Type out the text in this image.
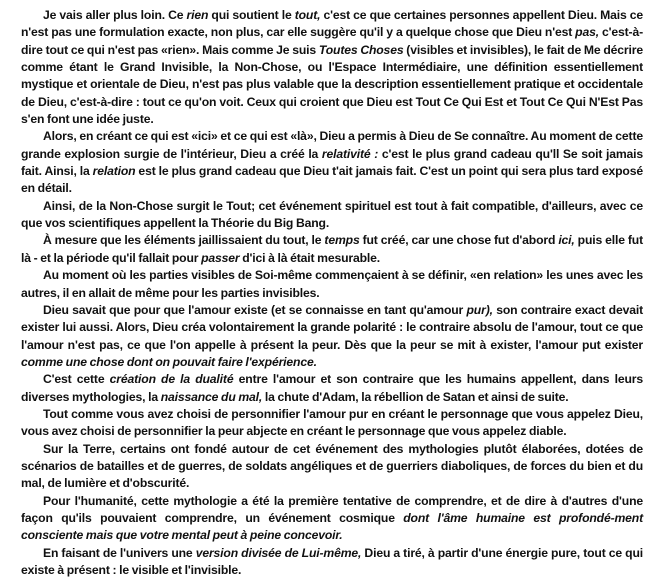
Je vais aller plus loin. Ce rien qui soutient le tout, c'est ce que certaines personnes appellent Dieu. Mais ce n'est pas une formulation exacte, non plus, car elle suggère qu'il y a quelque chose que Dieu n'est pas, c'est-à-dire tout ce qui n'est pas «rien». Mais comme Je suis Toutes Choses (visibles et invisibles), le fait de Me décrire comme étant le Grand Invisible, la Non-Chose, ou l'Espace Intermédiaire, une définition essentiellement mystique et orientale de Dieu, n'est pas plus valable que la description essentiellement pratique et occidentale de Dieu, c'est-à-dire : tout ce qu'on voit. Ceux qui croient que Dieu est Tout Ce Qui Est et Tout Ce Qui N'Est Pas s'en font une idée juste.

Alors, en créant ce qui est «ici» et ce qui est «là», Dieu a permis à Dieu de Se connaître. Au moment de cette grande explosion surgie de l'intérieur, Dieu a créé la relativité : c'est le plus grand cadeau qu'll Se soit jamais fait. Ainsi, la relation est le plus grand cadeau que Dieu t'ait jamais fait. C'est un point qui sera plus tard exposé en détail.

Ainsi, de la Non-Chose surgit le Tout; cet événement spirituel est tout à fait compatible, d'ailleurs, avec ce que vos scientifiques appellent la Théorie du Big Bang.

À mesure que les éléments jaillissaient du tout, le temps fut créé, car une chose fut d'abord ici, puis elle fut là - et la période qu'il fallait pour passer d'ici à là était mesurable.

Au moment où les parties visibles de Soi-même commençaient à se définir, «en relation» les unes avec les autres, il en allait de même pour les parties invisibles.

Dieu savait que pour que l'amour existe (et se connaisse en tant qu'amour pur), son contraire exact devait exister lui aussi. Alors, Dieu créa volontairement la grande polarité : le contraire absolu de l'amour, tout ce que l'amour n'est pas, ce que l'on appelle à présent la peur. Dès que la peur se mit à exister, l'amour put exister comme une chose dont on pouvait faire l'expérience.

C'est cette création de la dualité entre l'amour et son contraire que les humains appellent, dans leurs diverses mythologies, la naissance du mal, la chute d'Adam, la rébellion de Satan et ainsi de suite.

Tout comme vous avez choisi de personnifier l'amour pur en créant le personnage que vous appelez Dieu, vous avez choisi de personnifier la peur abjecte en créant le personnage que vous appelez diable.

Sur la Terre, certains ont fondé autour de cet événement des mythologies plutôt élaborées, dotées de scénarios de batailles et de guerres, de soldats angéliques et de guerriers diaboliques, de forces du bien et du mal, de lumière et d'obscurité.

Pour l'humanité, cette mythologie a été la première tentative de comprendre, et de dire à d'autres d'une façon qu'ils pouvaient comprendre, un événement cosmique dont l'âme humaine est profondé-ment consciente mais que votre mental peut à peine concevoir.

En faisant de l'univers une version divisée de Lui-même, Dieu a tiré, à partir d'une énergie pure, tout ce qui existe à présent : le visible et l'invisible.
